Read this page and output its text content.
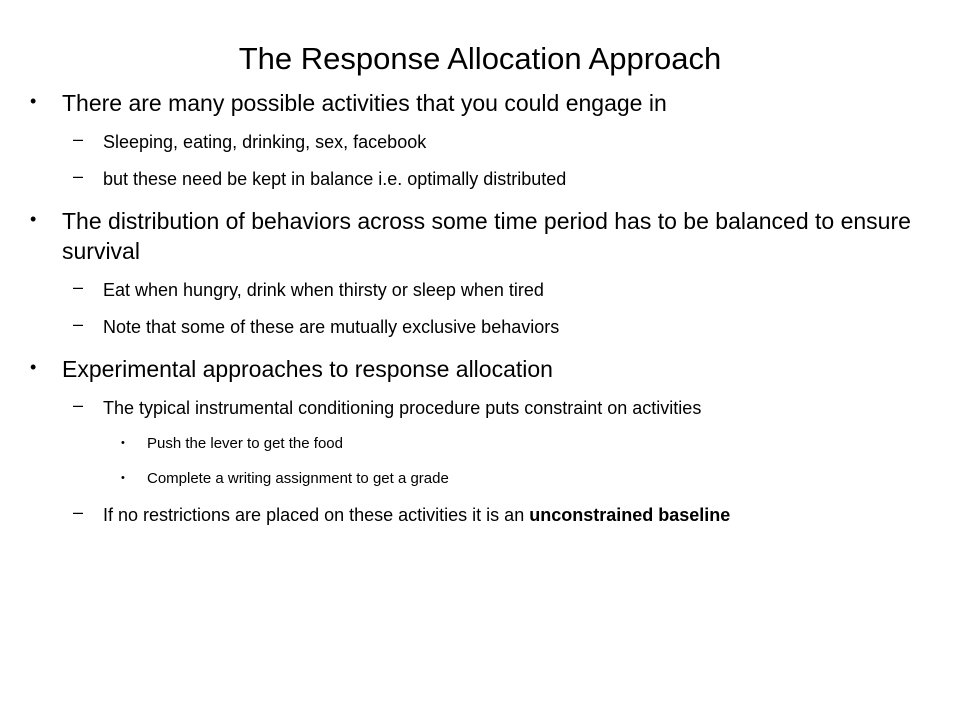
The Response Allocation Approach
• There are many possible activities that you could engage in
– Sleeping, eating, drinking, sex, facebook
– but these need be kept in balance i.e. optimally distributed
• The distribution of behaviors across some time period has to be balanced to ensure survival
– Eat when hungry, drink when thirsty or sleep when tired
– Note that some of these are mutually exclusive behaviors
• Experimental approaches to response allocation
– The typical instrumental conditioning procedure puts constraint on activities
• Push the lever to get the food
• Complete a writing assignment to get a grade
– If no restrictions are placed on these activities it is an unconstrained baseline
